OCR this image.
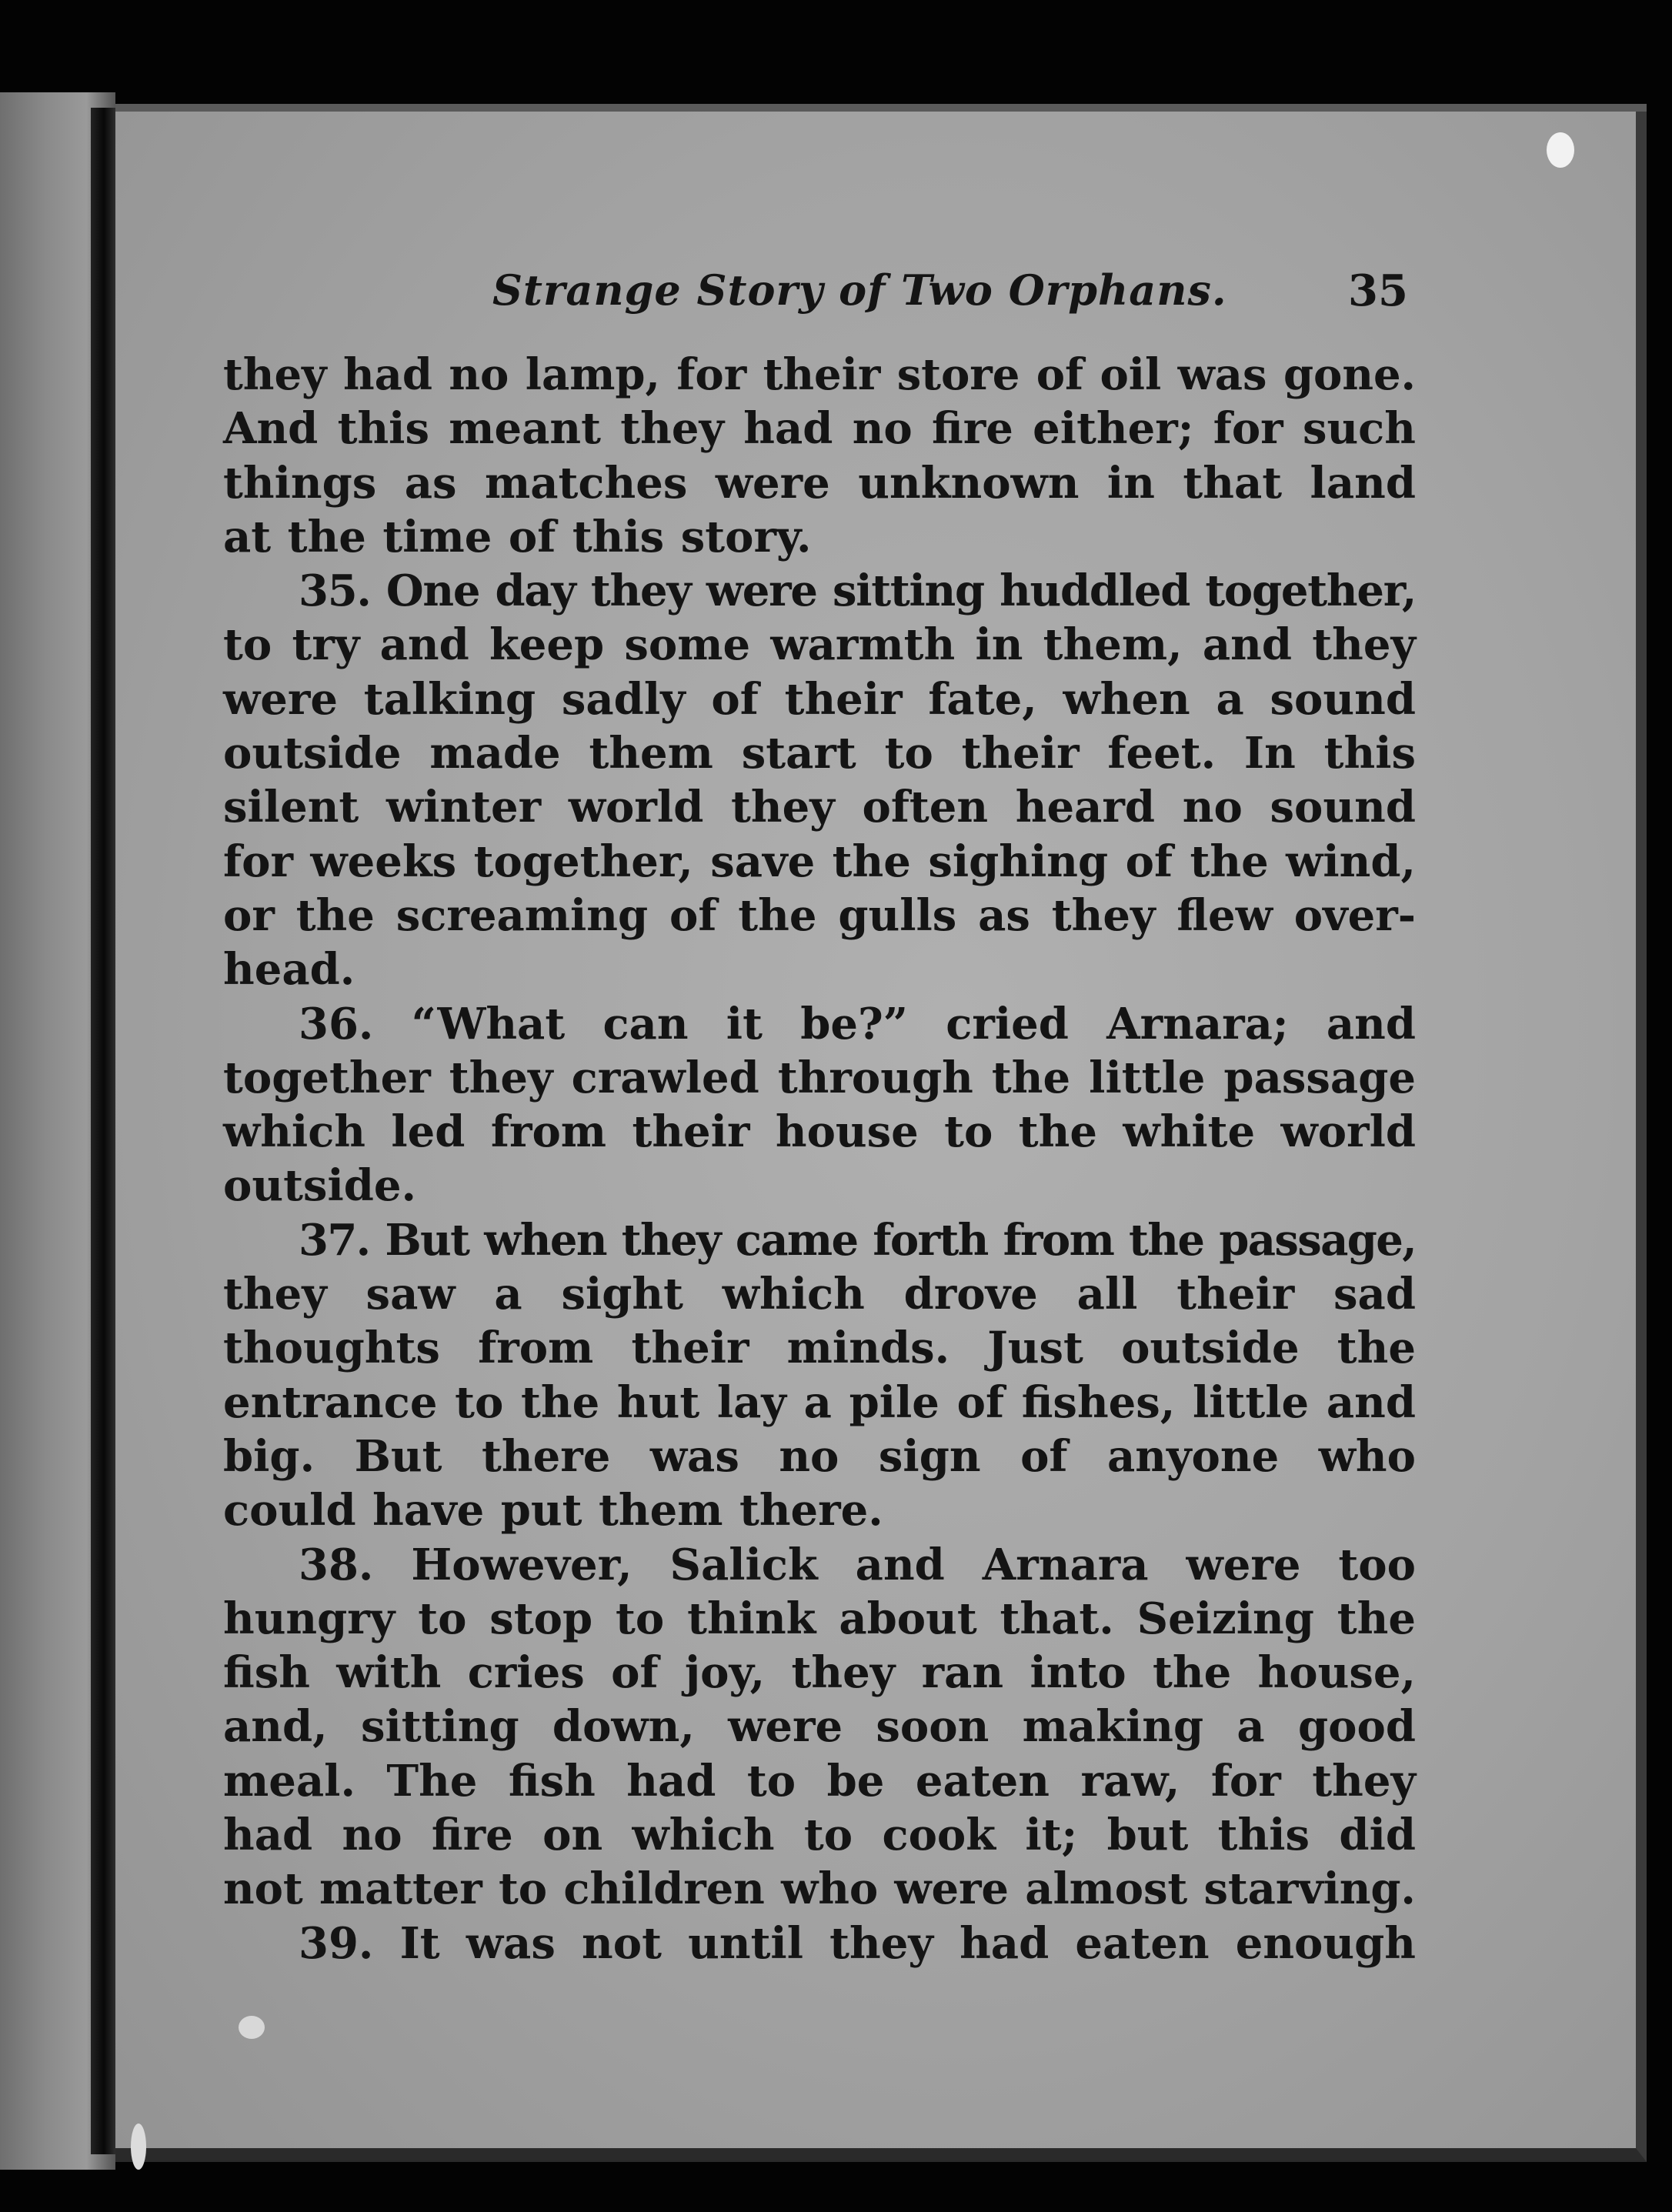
Strange Story of Two Orphans.	35
they had no lamp, for their store of oil was gone.
And this meant they had no fire either; for such
things as matches were unknown in that land
at the time of this story.
35. One day they were sitting huddled together,
to try and keep some warmth in them, and they
were talking sadly of their fate, when a sound
outside made them start to their feet. In this
silent winter world they often heard no sound
for weeks together, save the sighing of the wind,
or the screaming of the gulls as they flew over-
head.
36. “What can it be?” cried Arnara; and
together they crawled through the little passage
which led from their house to the white world
outside.
37. But when they came forth from the passage,
they saw a sight which drove all their sad
thoughts from their minds. Just outside the
entrance to the hut lay a pile of fishes, little and
big. But there was no sign of anyone who
could have put them there.
38. However, Salick and Arnara were too
hungry to stop to think about that. Seizing the
fish with cries of joy, they ran into the house,
and, sitting down, were soon making a good
meal. The fish had to be eaten raw, for they
had no fire on which to cook it; but this did
not matter to children who were almost starving.
39. It was not until they had eaten enough
